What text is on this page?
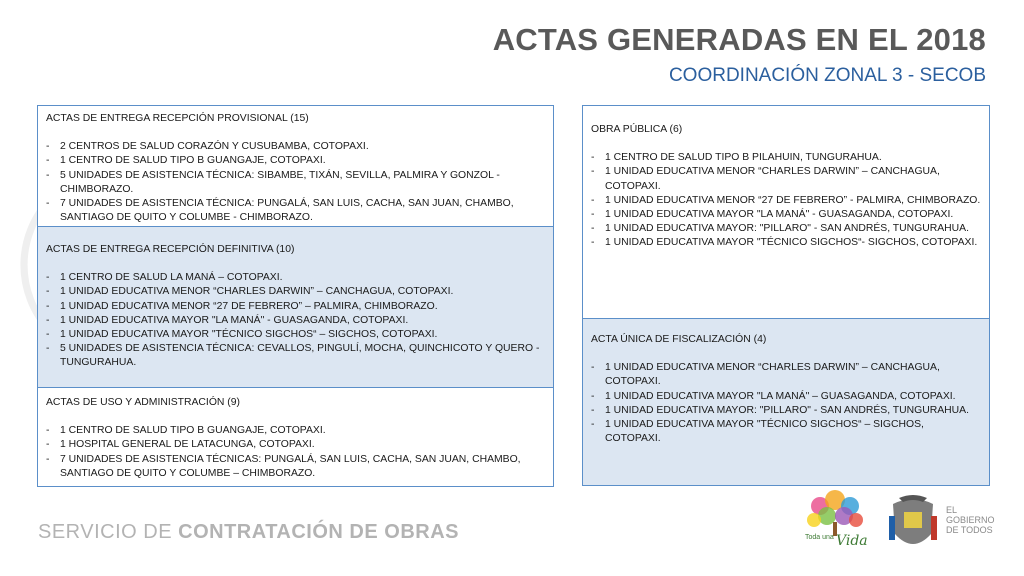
ACTAS GENERADAS EN EL 2018
COORDINACIÓN ZONAL 3 - SECOB
ACTAS DE ENTREGA RECEPCIÓN PROVISIONAL (15)
- 2 CENTROS DE SALUD CORAZÓN Y CUSUBAMBA, COTOPAXI.
- 1 CENTRO DE SALUD TIPO B GUANGAJE, COTOPAXI.
- 5 UNIDADES DE ASISTENCIA TÉCNICA: SIBAMBE, TIXÁN, SEVILLA, PALMIRA Y GONZOL - CHIMBORAZO.
- 7 UNIDADES DE ASISTENCIA TÉCNICA: PUNGALÁ, SAN LUIS, CACHA, SAN JUAN, CHAMBO, SANTIAGO DE QUITO Y COLUMBE - CHIMBORAZO.
ACTAS DE ENTREGA RECEPCIÓN DEFINITIVA (10)
- 1 CENTRO DE SALUD LA MANÁ – COTOPAXI.
- 1 UNIDAD EDUCATIVA MENOR “CHARLES DARWIN” – CANCHAGUA, COTOPAXI.
- 1 UNIDAD EDUCATIVA MENOR “27 DE FEBRERO” – PALMIRA, CHIMBORAZO.
- 1 UNIDAD EDUCATIVA MAYOR "LA MANÁ" - GUASAGANDA, COTOPAXI.
- 1 UNIDAD EDUCATIVA MAYOR "TÉCNICO SIGCHOS“ – SIGCHOS, COTOPAXI.
- 5 UNIDADES DE ASISTENCIA TÉCNICA: CEVALLOS, PINGULÍ, MOCHA, QUINCHICOTO Y QUERO - TUNGURAHUA.
ACTAS DE USO Y ADMINISTRACIÓN (9)
- 1 CENTRO DE SALUD TIPO B GUANGAJE, COTOPAXI.
- 1 HOSPITAL GENERAL DE LATACUNGA, COTOPAXI.
- 7 UNIDADES DE ASISTENCIA TÉCNICAS: PUNGALÁ, SAN LUIS, CACHA, SAN JUAN, CHAMBO, SANTIAGO DE QUITO Y COLUMBE – CHIMBORAZO.
OBRA PÚBLICA (6)
- 1 CENTRO DE SALUD TIPO B PILAHUIN, TUNGURAHUA.
- 1 UNIDAD EDUCATIVA MENOR “CHARLES DARWIN” – CANCHAGUA, COTOPAXI.
- 1 UNIDAD EDUCATIVA MENOR “27 DE FEBRERO” - PALMIRA, CHIMBORAZO.
- 1 UNIDAD EDUCATIVA MAYOR "LA MANÁ" - GUASAGANDA, COTOPAXI.
- 1 UNIDAD EDUCATIVA MAYOR: "PILLARO" - SAN ANDRÉS, TUNGURAHUA.
- 1 UNIDAD EDUCATIVA MAYOR "TÉCNICO SIGCHOS“- SIGCHOS, COTOPAXI.
ACTA ÚNICA DE FISCALIZACIÓN (4)
- 1 UNIDAD EDUCATIVA MENOR “CHARLES DARWIN” – CANCHAGUA, COTOPAXI.
- 1 UNIDAD EDUCATIVA MAYOR "LA MANÁ" – GUASAGANDA, COTOPAXI.
- 1 UNIDAD EDUCATIVA MAYOR: "PILLARO" - SAN ANDRÉS, TUNGURAHUA.
- 1 UNIDAD EDUCATIVA MAYOR "TÉCNICO SIGCHOS“ – SIGCHOS, COTOPAXI.
SERVICIO DE CONTRATACIÓN DE OBRAS	Toda una Vida
EL
GOBIERNO
DE TODOS
